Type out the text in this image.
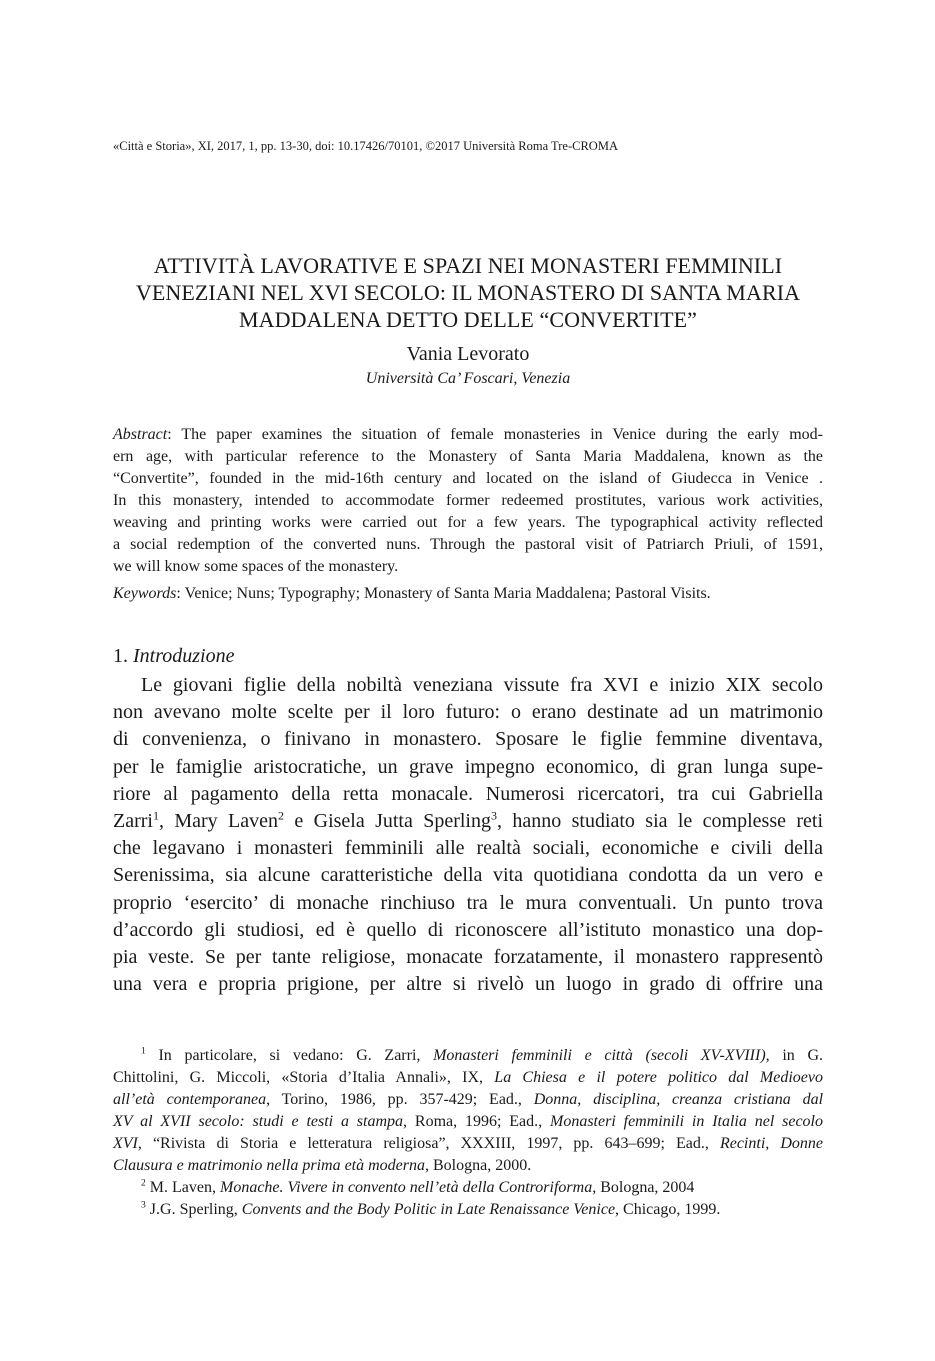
«Città e Storia», XI, 2017, 1, pp. 13-30, doi: 10.17426/70101, ©2017 Università Roma Tre-CROMA
ATTIVITÀ LAVORATIVE E SPAZI NEI MONASTERI FEMMINILI
VENEZIANI NEL XVI SECOLO: IL MONASTERO DI SANTA MARIA
MADDALENA DETTO DELLE “CONVERTITE”
Vania Levorato
Università Ca’ Foscari, Venezia
Abstract: The paper examines the situation of female monasteries in Venice during the early mod-
ern age, with particular reference to the Monastery of Santa Maria Maddalena, known as the
“Convertite”, founded in the mid-16th century and located on the island of Giudecca in Venice .
In this monastery, intended to accommodate former redeemed prostitutes, various work activities,
weaving and printing works were carried out for a few years. The typographical activity reflected
a social redemption of the converted nuns. Through the pastoral visit of Patriarch Priuli, of 1591,
we will know some spaces of the monastery.
Keywords: Venice; Nuns; Typography; Monastery of Santa Maria Maddalena; Pastoral Visits.
1. Introduzione
Le giovani figlie della nobiltà veneziana vissute fra XVI e inizio XIX secolo
non avevano molte scelte per il loro futuro: o erano destinate ad un matrimonio
di convenienza, o finivano in monastero. Sposare le figlie femmine diventava,
per le famiglie aristocratiche, un grave impegno economico, di gran lunga supe-
riore al pagamento della retta monacale. Numerosi ricercatori, tra cui Gabriella
Zarri$^1$, Mary Laven$^2$ e Gisela Jutta Sperling$^3$, hanno studiato sia le complesse reti
che legavano i monasteri femminili alle realtà sociali, economiche e civili della
Serenissima, sia alcune caratteristiche della vita quotidiana condotta da un vero e
proprio ‘esercito’ di monache rinchiuso tra le mura conventuali. Un punto trova
d’accordo gli studiosi, ed è quello di riconoscere all’istituto monastico una dop-
pia veste. Se per tante religiose, monacate forzatamente, il monastero rappresentò
una vera e propria prigione, per altre si rivelò un luogo in grado di offrire una
$^1$ In particolare, si vedano: G. Zarri, Monasteri femminili e città (secoli XV-XVIII), in G.
Chittolini, G. Miccoli, «Storia d’Italia Annali», IX, La Chiesa e il potere politico dal Medioevo
all’età contemporanea, Torino, 1986, pp. 357-429; Ead., Donna, disciplina, creanza cristiana dal
XV al XVII secolo: studi e testi a stampa, Roma, 1996; Ead., Monasteri femminili in Italia nel secolo
XVI, “Rivista di Storia e letteratura religiosa”, XXXIII, 1997, pp. 643–699; Ead., Recinti, Donne
Clausura e matrimonio nella prima età moderna, Bologna, 2000.
$^2$ M. Laven, Monache. Vivere in convento nell’età della Controriforma, Bologna, 2004
$^3$ J.G. Sperling, Convents and the Body Politic in Late Renaissance Venice, Chicago, 1999.
